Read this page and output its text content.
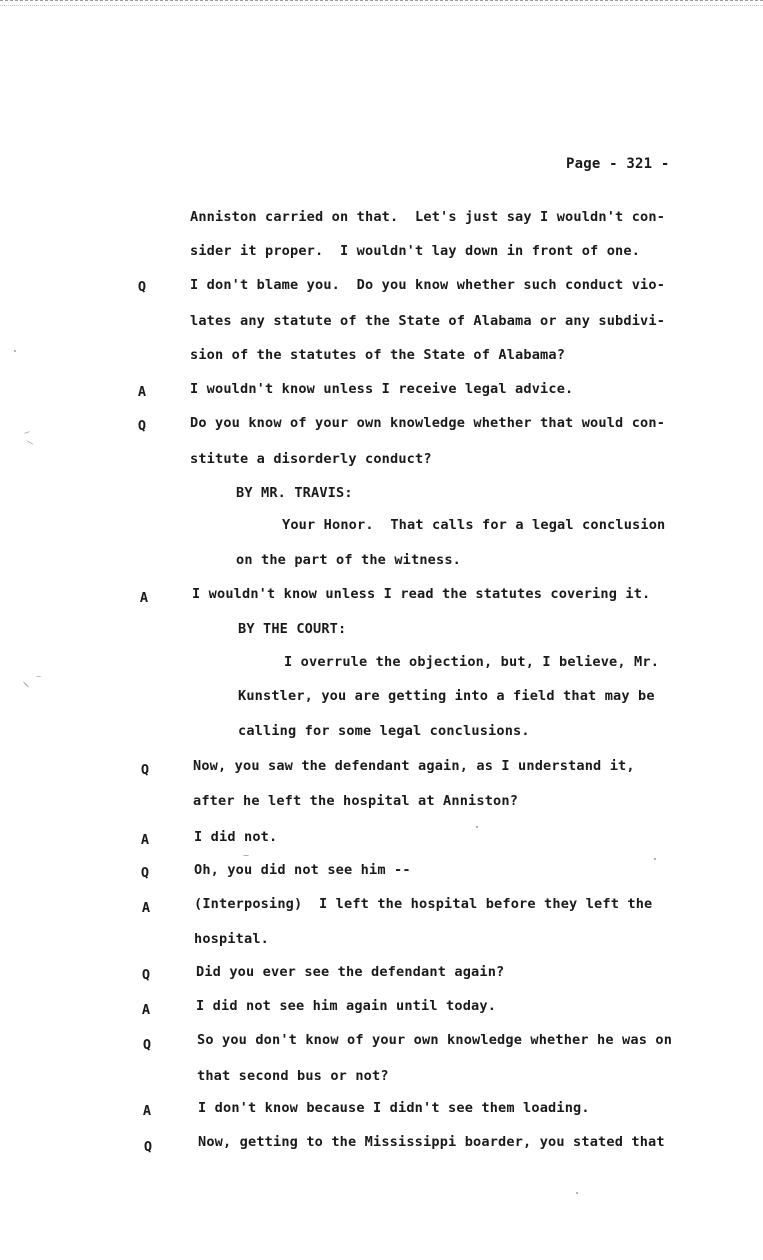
Page - 321 -
Anniston carried on that.  Let's just say I wouldn't con-
sider it proper.  I wouldn't lay down in front of one.
Q	I don't blame you.  Do you know whether such conduct vio-
lates any statute of the State of Alabama or any subdivi-
sion of the statutes of the State of Alabama?
A	I wouldn't know unless I receive legal advice.
Q	Do you know of your own knowledge whether that would con-
stitute a disorderly conduct?
BY MR. TRAVIS:
Your Honor.  That calls for a legal conclusion
on the part of the witness.
A	I wouldn't know unless I read the statutes covering it.
BY THE COURT:
I overrule the objection, but, I believe, Mr.
Kunstler, you are getting into a field that may be
calling for some legal conclusions.
Q	Now, you saw the defendant again, as I understand it,
after he left the hospital at Anniston?
A	I did not.
Q	Oh, you did not see him --
A	(Interposing)  I left the hospital before they left the
hospital.
Q	Did you ever see the defendant again?
A	I did not see him again until today.
Q	So you don't know of your own knowledge whether he was on
that second bus or not?
A	I don't know because I didn't see them loading.
Q	Now, getting to the Mississippi boarder, you stated that
